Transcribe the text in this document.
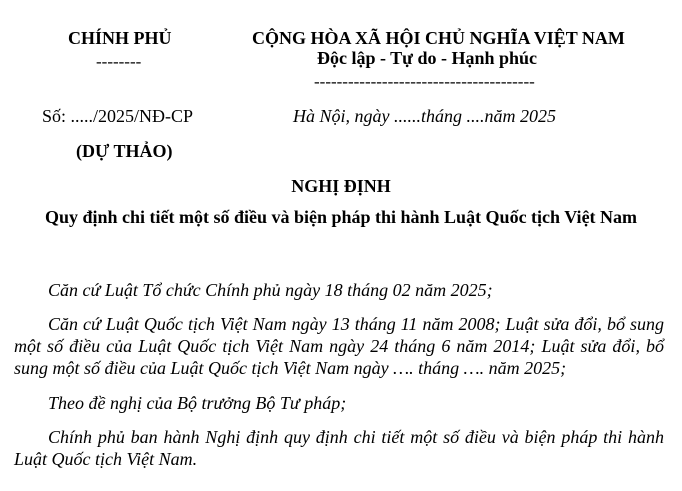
CHÍNH PHỦ
--------
CỘNG HÒA XÃ HỘI CHỦ NGHĨA VIỆT NAM
Độc lập - Tự do - Hạnh phúc
---------------------------------------
Số: ...../2025/NĐ-CP	Hà Nội, ngày ......tháng ....năm 2025
(DỰ THẢO)
NGHỊ ĐỊNH
Quy định chi tiết một số điều và biện pháp thi hành Luật Quốc tịch Việt Nam
Căn cứ Luật Tổ chức Chính phủ ngày 18 tháng 02 năm 2025;
Căn cứ Luật Quốc tịch Việt Nam ngày 13 tháng 11 năm 2008; Luật sửa đổi, bổ sung một số điều của Luật Quốc tịch Việt Nam ngày 24 tháng 6 năm 2014; Luật sửa đổi, bổ sung một số điều của Luật Quốc tịch Việt Nam ngày …. tháng …. năm 2025;
Theo đề nghị của Bộ trưởng Bộ Tư pháp;
Chính phủ ban hành Nghị định quy định chi tiết một số điều và biện pháp thi hành Luật Quốc tịch Việt Nam.
